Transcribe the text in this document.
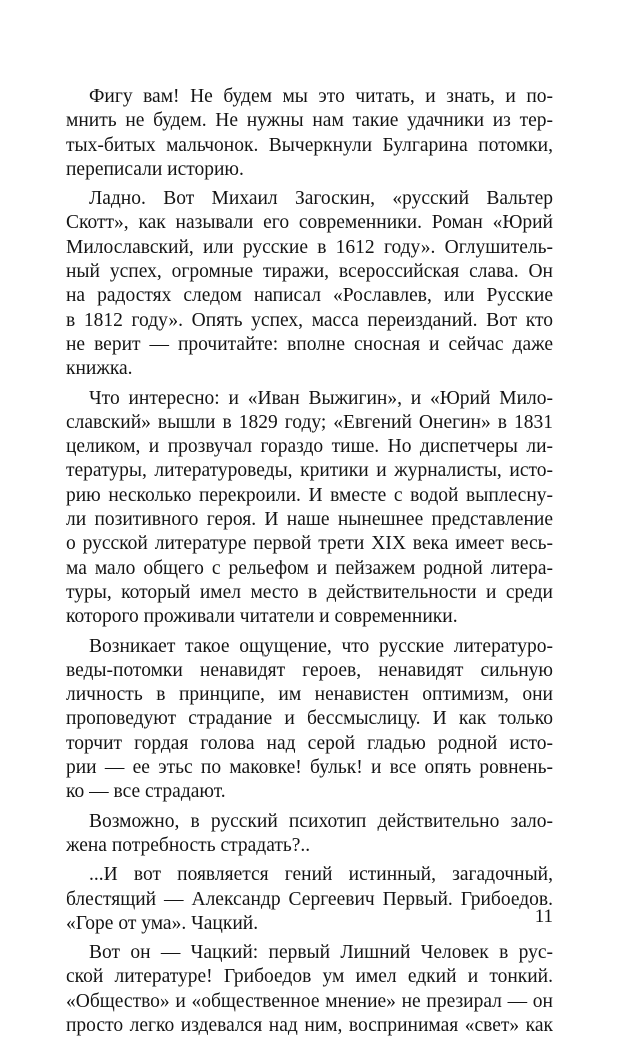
Фигу вам! Не будем мы это читать, и знать, и по-
мнить не будем. Не нужны нам такие удачники из тер-
тых-битых мальчонок. Вычеркнули Булгарина потомки,
переписали историю.
Ладно. Вот Михаил Загоскин, «русский Вальтер
Скотт», как называли его современники. Роман «Юрий
Милославский, или русские в 1612 году». Оглушитель-
ный успех, огромные тиражи, всероссийская слава. Он
на радостях следом написал «Рославлев, или Русские
в 1812 году». Опять успех, масса переизданий. Вот кто
не верит — прочитайте: вполне сносная и сейчас даже
книжка.
Что интересно: и «Иван Выжигин», и «Юрий Мило-
славский» вышли в 1829 году; «Евгений Онегин» в 1831
целиком, и прозвучал гораздо тише. Но диспетчеры ли-
тературы, литературоведы, критики и журналисты, исто-
рию несколько перекроили. И вместе с водой выплесну-
ли позитивного героя. И наше нынешнее представление
о русской литературе первой трети XIX века имеет весь-
ма мало общего с рельефом и пейзажем родной литера-
туры, который имел место в действительности и среди
которого проживали читатели и современники.
Возникает такое ощущение, что русские литературо-
веды-потомки ненавидят героев, ненавидят сильную
личность в принципе, им ненавистен оптимизм, они
проповедуют страдание и бессмыслицу. И как только
торчит гордая голова над серой гладью родной исто-
рии — ее этьс по маковке! бульк! и все опять ровнень-
ко — все страдают.
Возможно, в русский психотип действительно зало-
жена потребность страдать?..
...И вот появляется гений истинный, загадочный,
блестящий — Александр Сергеевич Первый. Грибоедов.
«Горе от ума». Чацкий.
Вот он — Чацкий: первый Лишний Человек в рус-
ской литературе! Грибоедов ум имел едкий и тонкий.
«Общество» и «общественное мнение» не презирал — он
просто легко издевался над ним, воспринимая «свет» как
11
